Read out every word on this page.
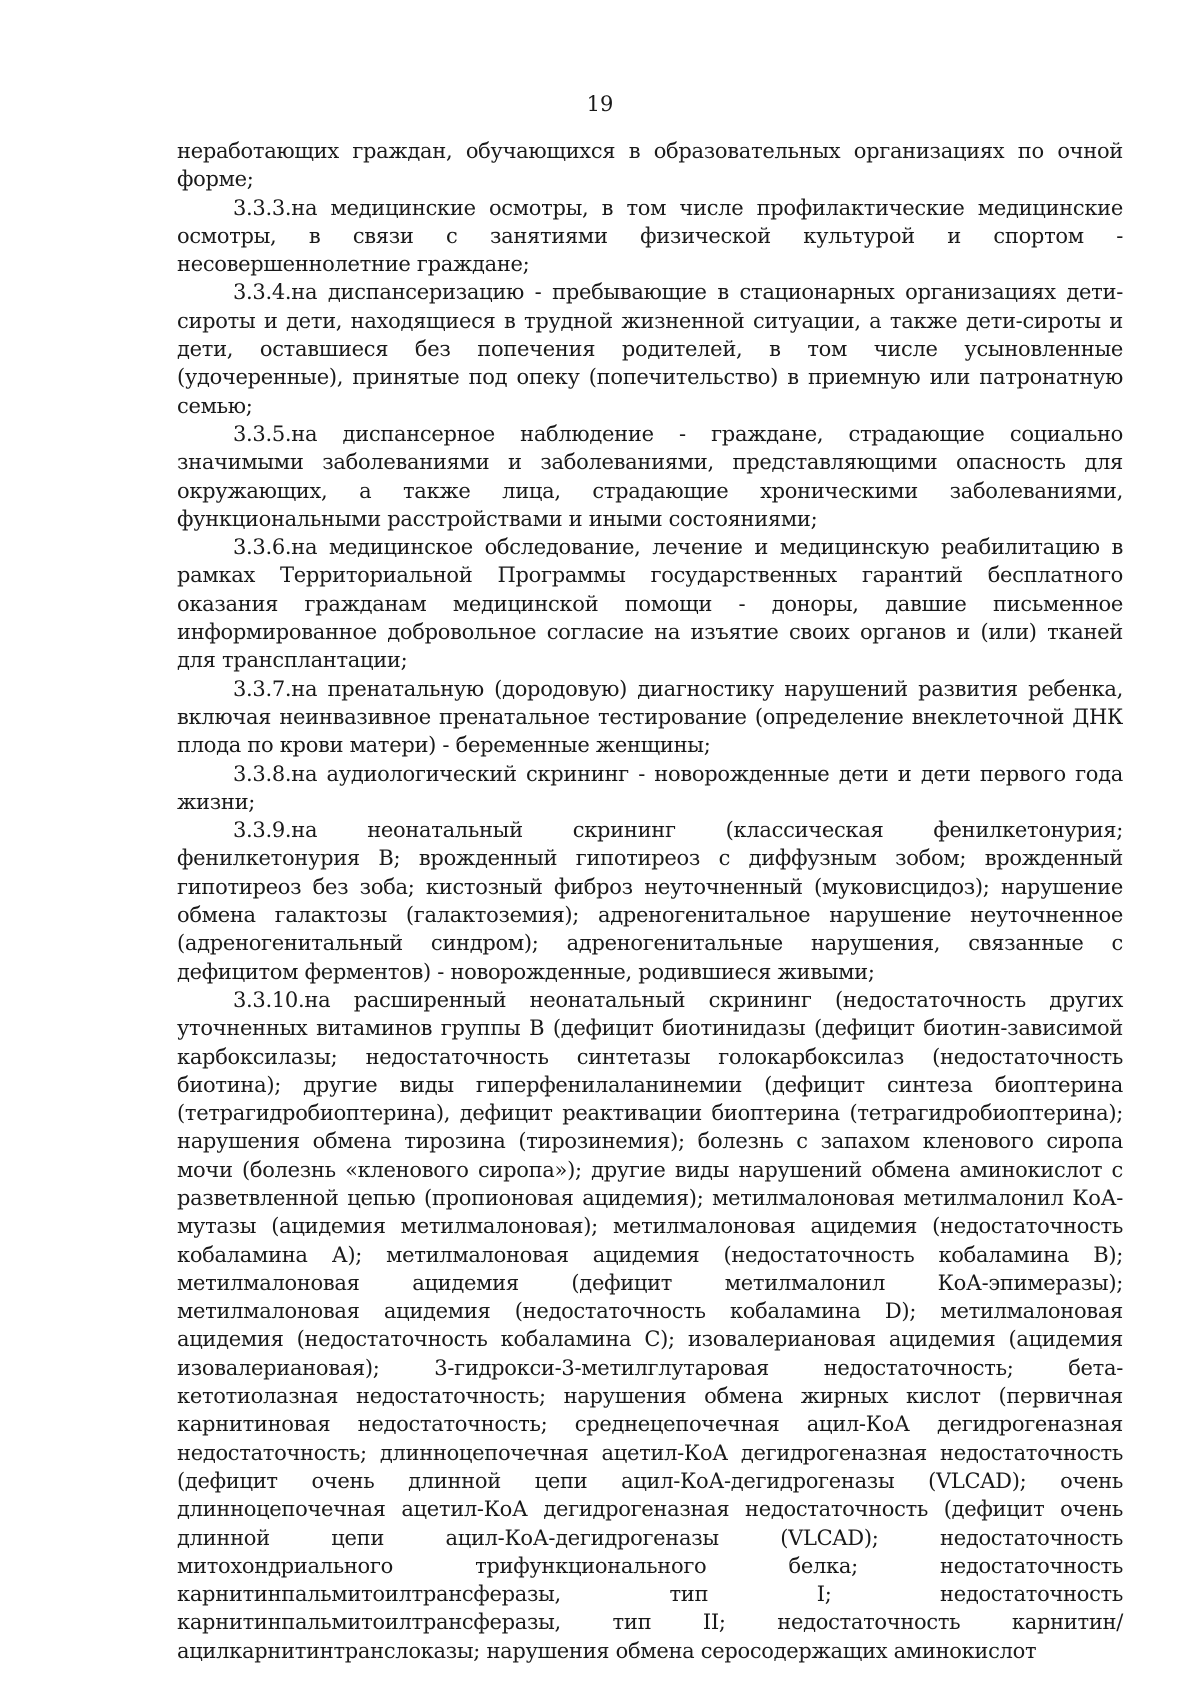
19

неработающих граждан, обучающихся в образовательных организациях по очной форме;

3.3.3.на медицинские осмотры, в том числе профилактические медицинские осмотры, в связи с занятиями физической культурой и спортом - несовершеннолетние граждане;

3.3.4.на диспансеризацию - пребывающие в стационарных организациях дети-сироты и дети, находящиеся в трудной жизненной ситуации, а также дети-сироты и дети, оставшиеся без попечения родителей, в том числе усыновленные (удочеренные), принятые под опеку (попечительство) в приемную или патронатную семью;

3.3.5.на диспансерное наблюдение - граждане, страдающие социально значимыми заболеваниями и заболеваниями, представляющими опасность для окружающих, а также лица, страдающие хроническими заболеваниями, функциональными расстройствами и иными состояниями;

3.3.6.на медицинское обследование, лечение и медицинскую реабилитацию в рамках Территориальной Программы государственных гарантий бесплатного оказания гражданам медицинской помощи - доноры, давшие письменное информированное добровольное согласие на изъятие своих органов и (или) тканей для трансплантации;

3.3.7.на пренатальную (дородовую) диагностику нарушений развития ребенка, включая неинвазивное пренатальное тестирование (определение внеклеточной ДНК плода по крови матери) - беременные женщины;

3.3.8.на аудиологический скрининг - новорожденные дети и дети первого года жизни;

3.3.9.на неонатальный скрининг (классическая фенилкетонурия; фенилкетонурия В; врожденный гипотиреоз с диффузным зобом; врожденный гипотиреоз без зоба; кистозный фиброз неуточненный (муковисцидоз); нарушение обмена галактозы (галактоземия); адреногенитальное нарушение неуточненное (адреногенитальный синдром); адреногенитальные нарушения, связанные с дефицитом ферментов) - новорожденные, родившиеся живыми;

3.3.10.на расширенный неонатальный скрининг (недостаточность других уточненных витаминов группы В (дефицит биотинидазы (дефицит биотин-зависимой карбоксилазы; недостаточность синтетазы голокарбоксилаз (недостаточность биотина); другие виды гиперфенилаланинемии (дефицит синтеза биоптерина (тетрагидробиоптерина), дефицит реактивации биоптерина (тетрагидробиоптерина); нарушения обмена тирозина (тирозинемия); болезнь с запахом кленового сиропа мочи (болезнь «кленового сиропа»); другие виды нарушений обмена аминокислот с разветвленной цепью (пропионовая ацидемия); метилмалоновая метилмалонил КоА-мутазы (ацидемия метилмалоновая); метилмалоновая ацидемия (недостаточность кобаламина А); метилмалоновая ацидемия (недостаточность кобаламина В); метилмалоновая ацидемия (дефицит метилмалонил КоА-эпимеразы); метилмалоновая ацидемия (недостаточность кобаламина D); метилмалоновая ацидемия (недостаточность кобаламина С); изовалериановая ацидемия (ацидемия изовалериановая); 3-гидрокси-3-метилглутаровая недостаточность; бета-кетотиолазная недостаточность; нарушения обмена жирных кислот (первичная карнитиновая недостаточность; среднецепочечная ацил-КоА дегидрогеназная недостаточность; длинноцепочечная ацетил-КоА дегидрогеназная недостаточность (дефицит очень длинной цепи ацил-КоА-дегидрогеназы (VLCAD); очень длинноцепочечная ацетил-КоА дегидрогеназная недостаточность (дефицит очень длинной цепи ацил-КоА-дегидрогеназы (VLCAD); недостаточность митохондриального трифункционального белка; недостаточность карнитинпальмитоилтрансферазы, тип I; недостаточность карнитинпальмитоилтрансферазы, тип II; недостаточность карнитин/ацилкарнитинтранслоказы; нарушения обмена серосодержащих аминокислот
